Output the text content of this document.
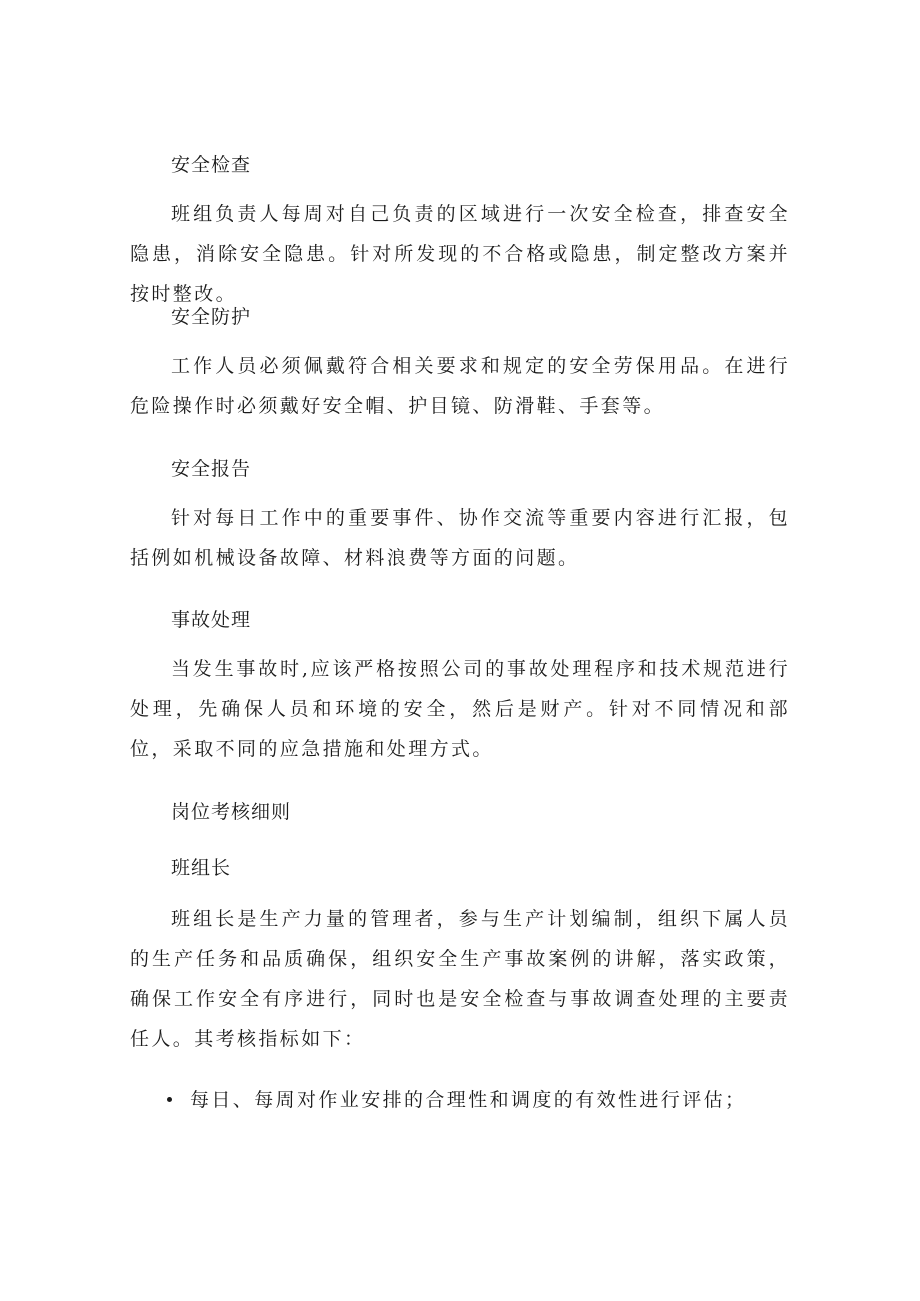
安全检查
班组负责人每周对自己负责的区域进行一次安全检查，排查安全隐患，消除安全隐患。针对所发现的不合格或隐患，制定整改方案并按时整改。
安全防护
工作人员必须佩戴符合相关要求和规定的安全劳保用品。在进行危险操作时必须戴好安全帽、护目镜、防滑鞋、手套等。
安全报告
针对每日工作中的重要事件、协作交流等重要内容进行汇报，包括例如机械设备故障、材料浪费等方面的问题。
事故处理
当发生事故时,应该严格按照公司的事故处理程序和技术规范进行处理，先确保人员和环境的安全，然后是财产。针对不同情况和部位，采取不同的应急措施和处理方式。
岗位考核细则
班组长
班组长是生产力量的管理者，参与生产计划编制，组织下属人员的生产任务和品质确保，组织安全生产事故案例的讲解，落实政策，确保工作安全有序进行，同时也是安全检查与事故调查处理的主要责任人。其考核指标如下：
每日、每周对作业安排的合理性和调度的有效性进行评估；
